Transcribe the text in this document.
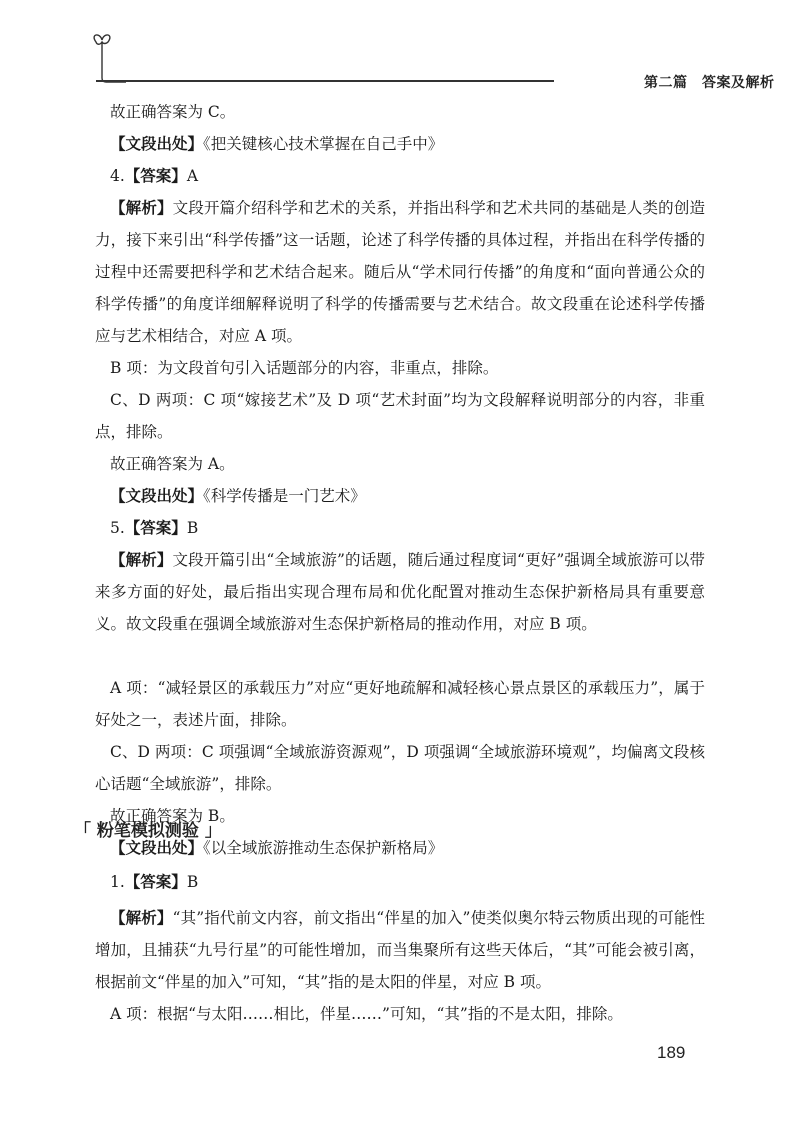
第二篇　答案及解析
故正确答案为 C。
【文段出处】《把关键核心技术掌握在自己手中》
4.【答案】A
【解析】文段开篇介绍科学和艺术的关系，并指出科学和艺术共同的基础是人类的创造力，接下来引出“科学传播”这一话题，论述了科学传播的具体过程，并指出在科学传播的过程中还需要把科学和艺术结合起来。随后从“学术同行传播”的角度和“面向普通公众的科学传播”的角度详细解释说明了科学的传播需要与艺术结合。故文段重在论述科学传播应与艺术相结合，对应 A 项。
B 项：为文段首句引入话题部分的内容，非重点，排除。
C、D 两项：C 项“嫁接艺术”及 D 项“艺术封面”均为文段解释说明部分的内容，非重点，排除。
故正确答案为 A。
【文段出处】《科学传播是一门艺术》
5.【答案】B
【解析】文段开篇引出“全域旅游”的话题，随后通过程度词“更好”强调全域旅游可以带来多方面的好处，最后指出实现合理布局和优化配置对推动生态保护新格局具有重要意义。故文段重在强调全域旅游对生态保护新格局的推动作用，对应 B 项。
A 项：“减轻景区的承载压力”对应“更好地疏解和减轻核心景点景区的承载压力”，属于好处之一，表述片面，排除。
C、D 两项：C 项强调“全域旅游资源观”，D 项强调“全域旅游环境观”，均偏离文段核心话题“全域旅游”，排除。
故正确答案为 B。
【文段出处】《以全域旅游推动生态保护新格局》
「 粉笔模拟测验 」
1.【答案】B
【解析】“其”指代前文内容，前文指出“伴星的加入”使类似奥尔特云物质出现的可能性增加，且捕获“九号行星”的可能性增加，而当集聚所有这些天体后，“其”可能会被引离，根据前文“伴星的加入”可知，“其”指的是太阳的伴星，对应 B 项。
A 项：根据“与太阳……相比，伴星……”可知，“其”指的不是太阳，排除。
189
